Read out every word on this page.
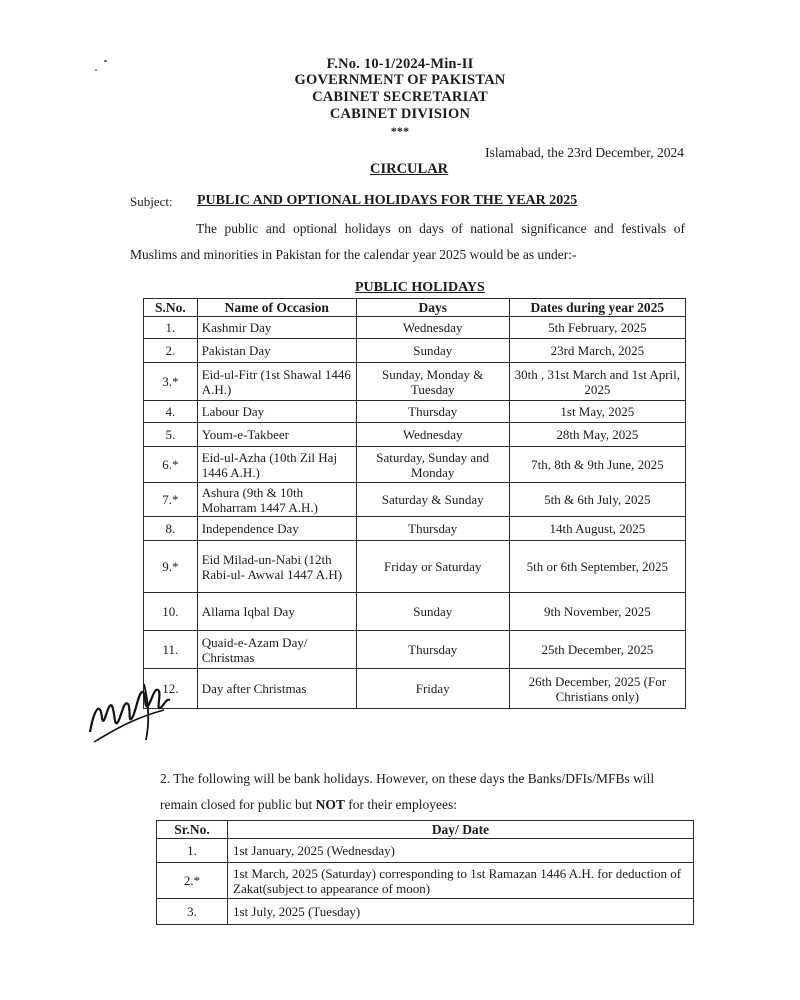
F.No. 10-1/2024-Min-II
GOVERNMENT OF PAKISTAN
CABINET SECRETARIAT
CABINET DIVISION
***
Islamabad, the 23rd December, 2024
CIRCULAR
Subject: PUBLIC AND OPTIONAL HOLIDAYS FOR THE YEAR 2025
The public and optional holidays on days of national significance and festivals of Muslims and minorities in Pakistan for the calendar year 2025 would be as under:-
PUBLIC HOLIDAYS
S.No.	Name of Occasion	Days	Dates during year 2025
1.	Kashmir Day	Wednesday	5th February, 2025
2.	Pakistan Day	Sunday	23rd March, 2025
3.*	Eid-ul-Fitr (1st Shawal 1446 A.H.)	Sunday, Monday & Tuesday	30th , 31st March and 1st April, 2025
4.	Labour Day	Thursday	1st May, 2025
5.	Youm-e-Takbeer	Wednesday	28th May, 2025
6.*	Eid-ul-Azha (10th Zil Haj 1446 A.H.)	Saturday, Sunday and Monday	7th, 8th & 9th June, 2025
7.*	Ashura (9th & 10th Moharram 1447 A.H.)	Saturday & Sunday	5th & 6th July, 2025
8.	Independence Day	Thursday	14th August, 2025
9.*	Eid Milad-un-Nabi (12th Rabi-ul- Awwal 1447 A.H)	Friday or Saturday	5th or 6th September, 2025
10.	Allama Iqbal Day	Sunday	9th November, 2025
11.	Quaid-e-Azam Day/ Christmas	Thursday	25th December, 2025
12.	Day after Christmas	Friday	26th December, 2025 (For Christians only)
2. The following will be bank holidays. However, on these days the Banks/DFIs/MFBs will remain closed for public but NOT for their employees:
Sr.No.	Day/ Date
1.	1st January, 2025 (Wednesday)
2.*	1st March, 2025 (Saturday) corresponding to 1st Ramazan 1446 A.H. for deduction of Zakat(subject to appearance of moon)
3.	1st July, 2025 (Tuesday)
